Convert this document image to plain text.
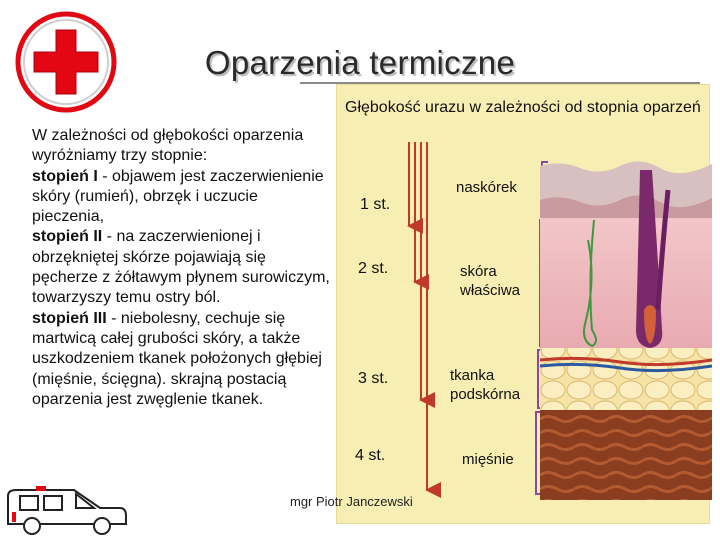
Oparzenia termiczne
W zależności od głębokości oparzenia wyróżniamy trzy stopnie:
stopień I - objawem jest zaczerwienienie skóry (rumień), obrzęk i uczucie pieczenia,
stopień II - na zaczerwienionej i obrzękniętej skórze pojawiają się pęcherze z żółtawym płynem surowiczym, towarzyszy temu ostry ból.
stopień III - niebolesny, cechuje się martwicą całej grubości skóry, a także uszkodzeniem tkanek położonych głębiej (mięśnie, ścięgna). skrajną postacią oparzenia jest zwęglenie tkanek.
Głębokość urazu w zależności od stopnia oparzeń
1 st.
2 st.
3 st.
4 st.
naskórek
skóra właściwa
tkanka podskórna
mięśnie
mgr Piotr Janczewski
